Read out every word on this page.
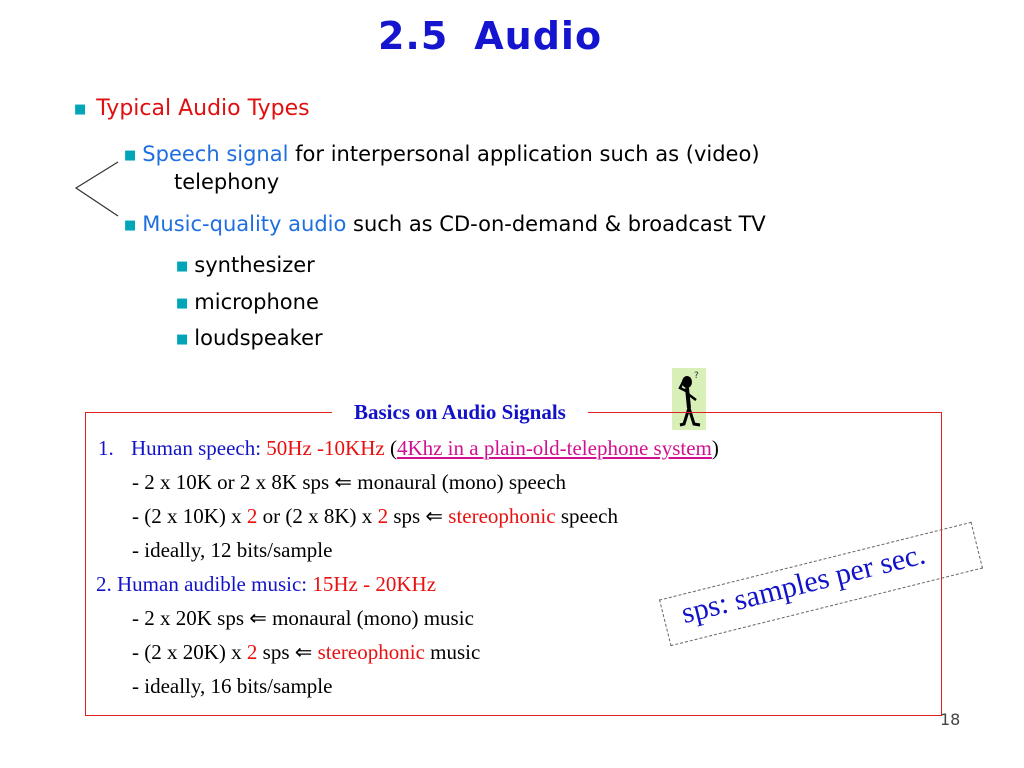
2.5 Audio
■ Typical Audio Types
■ Speech signal for interpersonal application such as (video)
telephony
■ Music-quality audio such as CD-on-demand & broadcast TV
■ synthesizer
■ microphone
■ loudspeaker
?
Basics on Audio Signals
1. Human speech: 50Hz -10KHz (4Khz in a plain-old-telephone system)
- 2 x 10K or 2 x 8K sps ⇐ monaural (mono) speech
- (2 x 10K) x 2 or (2 x 8K) x 2 sps ⇐ stereophonic speech
- ideally, 12 bits/sample
2. Human audible music: 15Hz - 20KHz
- 2 x 20K sps ⇐ monaural (mono) music
- (2 x 20K) x 2 sps ⇐ stereophonic music
- ideally, 16 bits/sample
sps: samples per sec.
18
